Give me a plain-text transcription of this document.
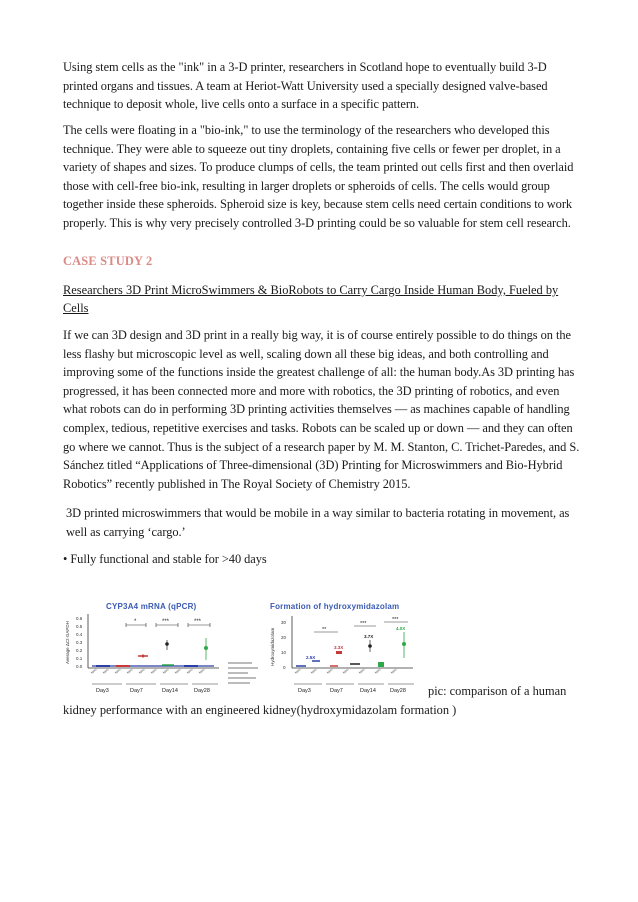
Using stem cells as the "ink" in a 3-D printer, researchers in Scotland hope to eventually build 3-D printed organs and tissues. A team at Heriot-Watt University used a specially designed valve-based technique to deposit whole, live cells onto a surface in a specific pattern.

The cells were floating in a "bio-ink," to use the terminology of the researchers who developed this technique. They were able to squeeze out tiny droplets, containing five cells or fewer per droplet, in a variety of shapes and sizes. To produce clumps of cells, the team printed out cells first and then overlaid those with cell-free bio-ink, resulting in larger droplets or spheroids of cells. The cells would group together inside these spheroids. Spheroid size is key, because stem cells need certain conditions to work properly. This is why very precisely controlled 3-D printing could be so valuable for stem cell research.

CASE STUDY 2
Researchers 3D Print MicroSwimmers & BioRobots to Carry Cargo Inside Human Body, Fueled by Cells

If we can 3D design and 3D print in a really big way, it is of course entirely possible to do things on the less flashy but microscopic level as well, scaling down all these big ideas, and both controlling and improving some of the functions inside the greatest challenge of all: the human body.As 3D printing has progressed, it has been connected more and more with robotics, the 3D printing of robotics, and even what robots can do in performing 3D printing activities themselves — as machines capable of handling complex, tedious, repetitive exercises and tasks. Robots can be scaled up or down — and they can often go where we cannot. Thus is the subject of a research paper by M. M. Stanton, C. Trichet-Paredes, and S. Sánchez titled “Applications of Three-dimensional (3D) Printing for Microswimmers and Bio-Hybrid Robotics” recently published in The Royal Society of Chemistry 2015.

3D printed microswimmers that would be mobile in a way similar to bacteria rotating in movement, as well as carrying ‘cargo.’

• Fully functional and stable for >40 days

CYP3A4 mRNA (qPCR)
0.6
0.5
0.4
0.3
0.2
0.1
0.0
Average ΔCt-GAPDH	*	***	***
Neo Neo Neo Neo Neo Neo Neo Neo Neo Neo
Day3	Day7	Day14	Day28
Formation of hydroxymidazolam
30
20
10
0
Hydroxymidazolam	**
***
***
2.5X
3.3X
3.7X
4.0X
Neo Neo Neo Neo Neo Neo Neo
Day3	Day7	Day14	Day28 pic: comparison of a human
kidney performance with an engineered kidney(hydroxymidazolam formation )
